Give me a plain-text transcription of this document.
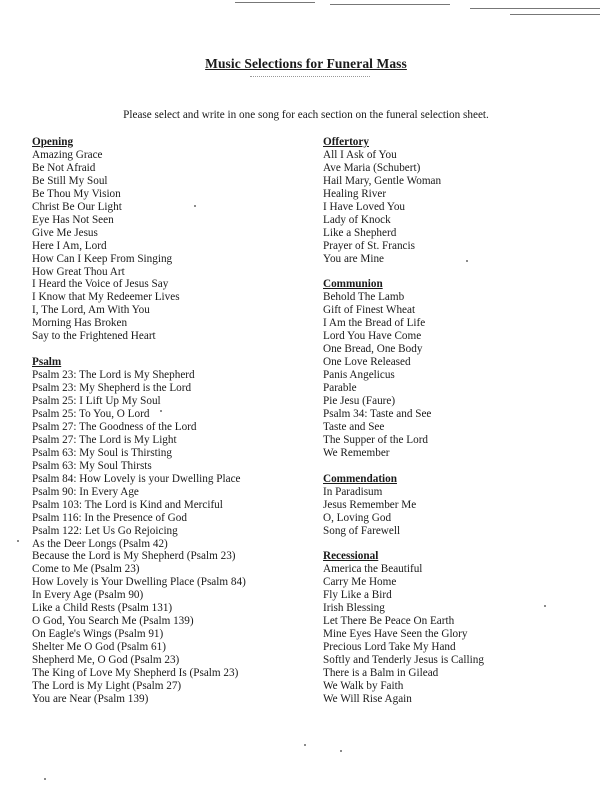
Music Selections for Funeral Mass
Please select and write in one song for each section on the funeral selection sheet.
Opening
Amazing Grace
Be Not Afraid
Be Still My Soul
Be Thou My Vision
Christ Be Our Light
Eye Has Not Seen
Give Me Jesus
Here I Am, Lord
How Can I Keep From Singing
How Great Thou Art
I Heard the Voice of Jesus Say
I Know that My Redeemer Lives
I, The Lord, Am With You
Morning Has Broken
Say to the Frightened Heart
Psalm
Psalm 23: The Lord is My Shepherd
Psalm 23: My Shepherd is the Lord
Psalm 25: I Lift Up My Soul
Psalm 25: To You, O Lord
Psalm 27: The Goodness of the Lord
Psalm 27: The Lord is My Light
Psalm 63: My Soul is Thirsting
Psalm 63: My Soul Thirsts
Psalm 84: How Lovely is your Dwelling Place
Psalm 90: In Every Age
Psalm 103: The Lord is Kind and Merciful
Psalm 116: In the Presence of God
Psalm 122: Let Us Go Rejoicing
As the Deer Longs (Psalm 42)
Because the Lord is My Shepherd (Psalm 23)
Come to Me (Psalm 23)
How Lovely is Your Dwelling Place (Psalm 84)
In Every Age (Psalm 90)
Like a Child Rests (Psalm 131)
O God, You Search Me (Psalm 139)
On Eagle's Wings (Psalm 91)
Shelter Me O God (Psalm 61)
Shepherd Me, O God (Psalm 23)
The King of Love My Shepherd Is (Psalm 23)
The Lord is My Light (Psalm 27)
You are Near (Psalm 139)
Offertory
All I Ask of You
Ave Maria (Schubert)
Hail Mary, Gentle Woman
Healing River
I Have Loved You
Lady of Knock
Like a Shepherd
Prayer of St. Francis
You are Mine
Communion
Behold The Lamb
Gift of Finest Wheat
I Am the Bread of Life
Lord You Have Come
One Bread, One Body
One Love Released
Panis Angelicus
Parable
Pie Jesu (Faure)
Psalm 34: Taste and See
Taste and See
The Supper of the Lord
We Remember
Commendation
In Paradisum
Jesus Remember Me
O, Loving God
Song of Farewell
Recessional
America the Beautiful
Carry Me Home
Fly Like a Bird
Irish Blessing
Let There Be Peace On Earth
Mine Eyes Have Seen the Glory
Precious Lord Take My Hand
Softly and Tenderly Jesus is Calling
There is a Balm in Gilead
We Walk by Faith
We Will Rise Again
